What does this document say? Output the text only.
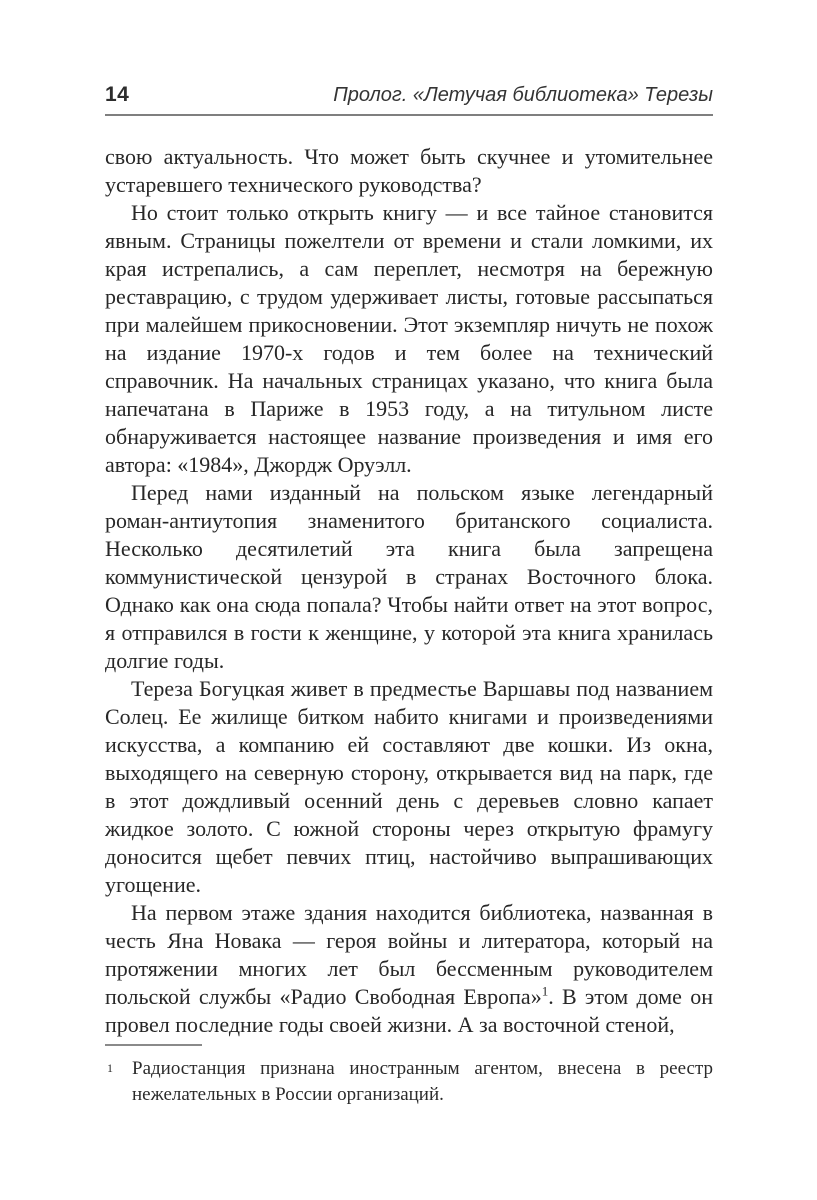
14	Пролог. «Летучая библиотека» Терезы

свою актуальность. Что может быть скучнее и утомительнее устаревшего технического руководства?

Но стоит только открыть книгу — и все тайное становится явным. Страницы пожелтели от времени и стали ломкими, их края истрепались, а сам переплет, несмотря на бережную реставрацию, с трудом удерживает листы, готовые рассыпаться при малейшем прикосновении. Этот экземпляр ничуть не похож на издание 1970-х годов и тем более на технический справочник. На начальных страницах указано, что книга была напечатана в Париже в 1953 году, а на титульном листе обнаруживается настоящее название произведения и имя его автора: «1984», Джордж Оруэлл.

Перед нами изданный на польском языке легендарный роман-антиутопия знаменитого британского социалиста. Несколько десятилетий эта книга была запрещена коммунистической цензурой в странах Восточного блока. Однако как она сюда попала? Чтобы найти ответ на этот вопрос, я отправился в гости к женщине, у которой эта книга хранилась долгие годы.

Тереза Богуцкая живет в предместье Варшавы под названием Солец. Ее жилище битком набито книгами и произведениями искусства, а компанию ей составляют две кошки. Из окна, выходящего на северную сторону, открывается вид на парк, где в этот дождливый осенний день с деревьев словно капает жидкое золото. С южной стороны через открытую фрамугу доносится щебет певчих птиц, настойчиво выпрашивающих угощение.

На первом этаже здания находится библиотека, названная в честь Яна Новака — героя войны и литератора, который на протяжении многих лет был бессменным руководителем польской службы «Радио Свободная Европа»$^1$. В этом доме он провел последние годы своей жизни. А за восточной стеной,

1 Радиостанция признана иностранным агентом, внесена в реестр нежелательных в России организаций.
